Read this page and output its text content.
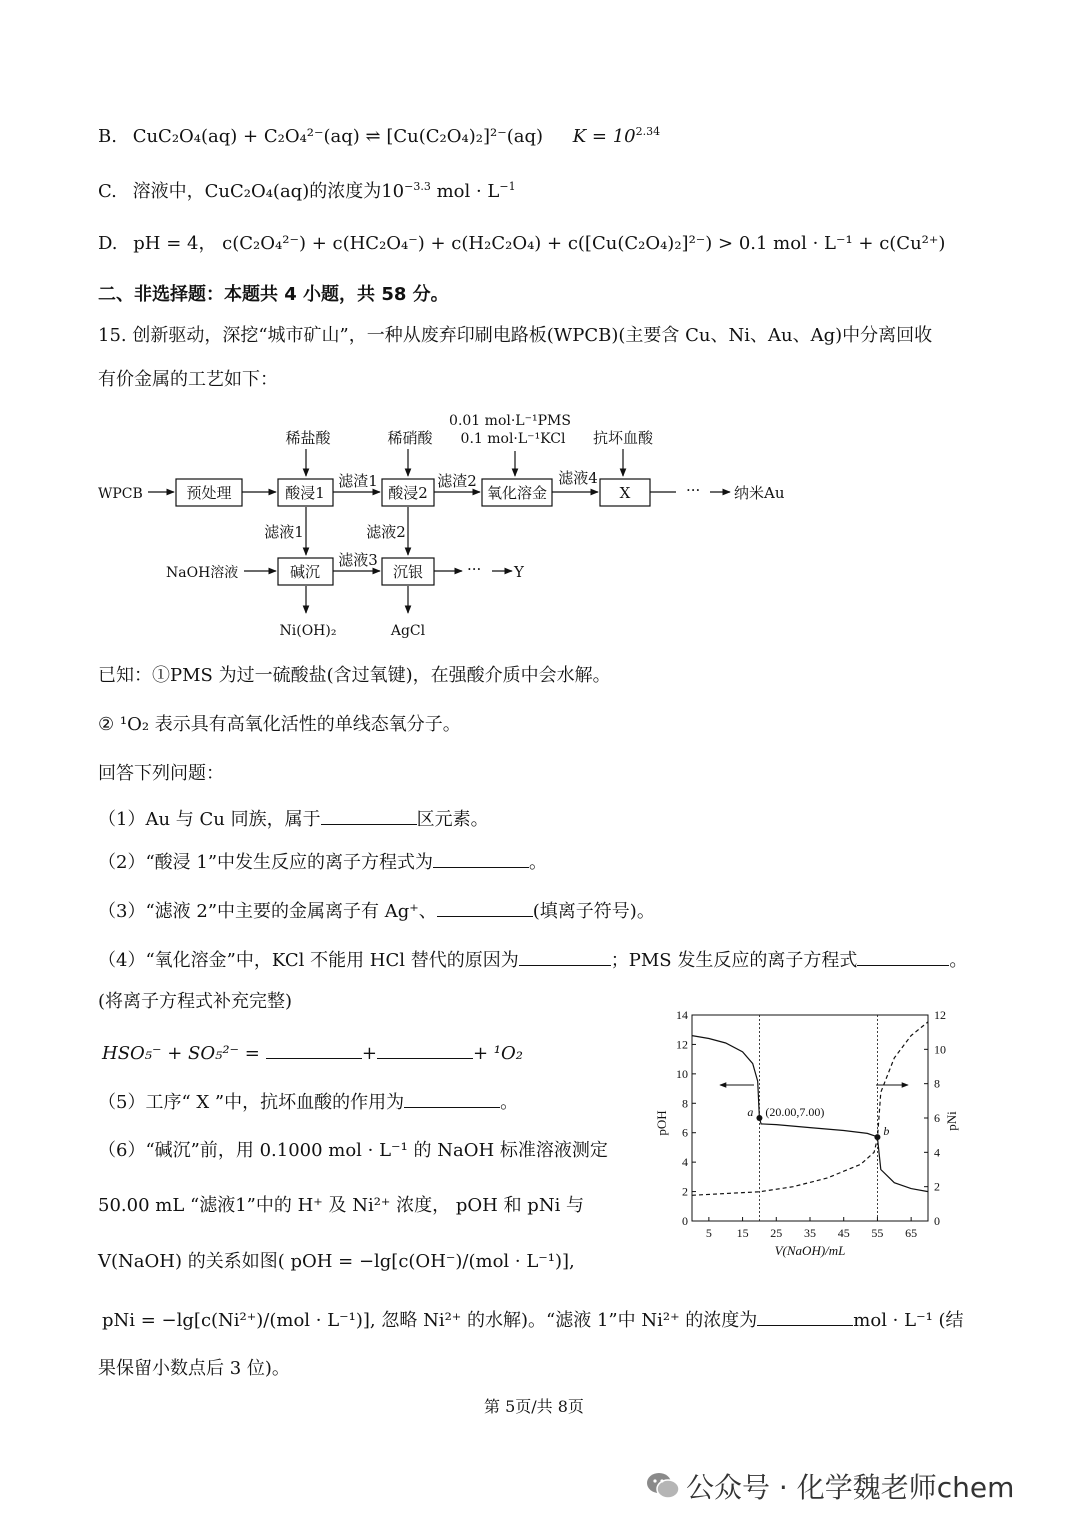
B. CuC₂O₄(aq) + C₂O₄²⁻(aq) ⇌ [Cu(C₂O₄)₂]²⁻(aq) $K = 10^{2.34}$
C. 溶液中，CuC₂O₄(aq)的浓度为$10^{-3.3}$ mol · $L^{-1}$
D. pH = 4， c(C₂O₄²⁻) + c(HC₂O₄⁻) + c(H₂C₂O₄) + c([Cu(C₂O₄)₂]²⁻) > 0.1 mol · L⁻¹ + c(Cu²⁺)
二、非选择题：本题共 4 小题，共 58 分。
15. 创新驱动，深挖“城市矿山”，一种从废弃印刷电路板(WPCB)(主要含 Cu、Ni、Au、Ag)中分离回收
有价金属的工艺如下：
WPCB	预处理	酸浸1	酸浸2	氧化溶金	X	··· 纳米Au
稀盐酸	稀硝酸
0.01 mol·L⁻¹PMS
0.1 mol·L⁻¹KCl 抗坏血酸
滤渣1	滤渣2	滤液4
滤液1	滤液2
滤液3
NaOH溶液	碱沉	沉银	··· Y
Ni(OH)₂	AgCl
已知：①PMS 为过一硫酸盐(含过氧键)，在强酸介质中会水解。
② ¹O₂ 表示具有高氧化活性的单线态氧分子。
回答下列问题：
（1）Au 与 Cu 同族，属于	区元素。
（2）“酸浸 1”中发生反应的离子方程式为	。
（3）“滤液 2”中主要的金属离子有 Ag⁺、	(填离子符号)。
（4）“氧化溶金”中，KCl 不能用 HCl 替代的原因为	；PMS 发生反应的离子方程式	。
(将离子方程式补充完整)
HSO₅⁻ + SO₅²⁻ =	+	+ ¹O₂
（5）工序“ X ”中，抗坏血酸的作用为	。
（6）“碱沉”前，用 0.1000 mol · L⁻¹ 的 NaOH 标准溶液测定
50.00 mL “滤液1”中的 H⁺ 及 Ni²⁺ 浓度， pOH 和 pNi 与
V(NaOH) 的关系如图( pOH = −lg[c(OH⁻)/(mol · L⁻¹)],
pNi = −lg[c(Ni²⁺)/(mol · L⁻¹)], 忽略 Ni²⁺ 的水解)。“滤液 1”中 Ni²⁺ 的浓度为	mol · L⁻¹ (结
果保留小数点后 3 位)。
5 15 25 35 45 55 65
0
2
4
6
8
10
12
14
0
2
4
6
8
10
12
a (20.00,7.00)
b
V(NaOH)/mL
pOH	pNi
第 5页/共 8页
公众号 · 化学魏老师chem
